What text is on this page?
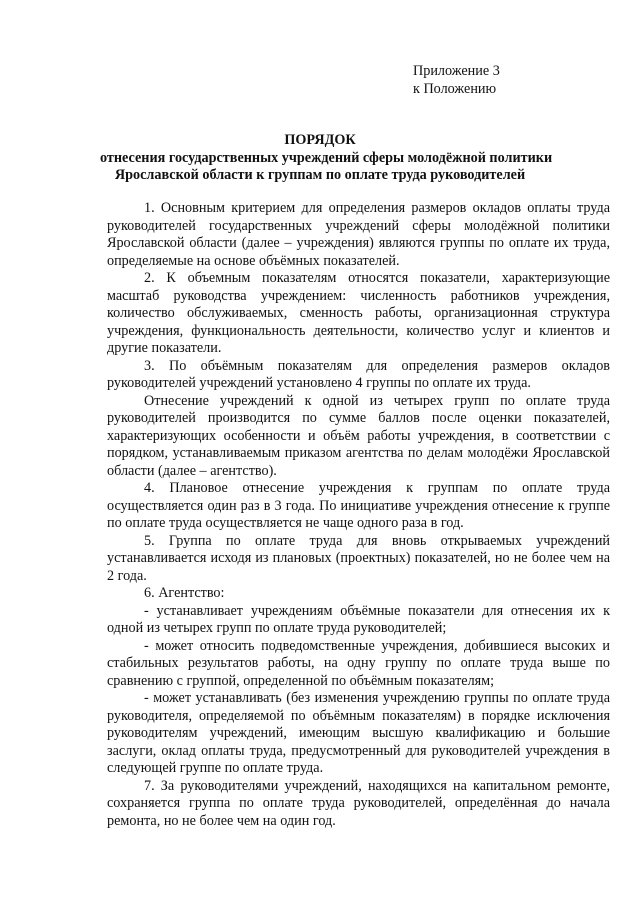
Приложение 3
к Положению
ПОРЯДОК
отнесения государственных учреждений сферы молодёжной политики
Ярославской области к группам по оплате труда руководителей

1. Основным критерием для определения размеров окладов оплаты труда руководителей государственных учреждений сферы молодёжной политики Ярославской области (далее – учреждения) являются группы по оплате их труда, определяемые на основе объёмных показателей.

2. К объемным показателям относятся показатели, характеризующие масштаб руководства учреждением: численность работников учреждения, количество обслуживаемых, сменность работы, организационная структура учреждения, функциональность деятельности, количество услуг и клиентов и другие показатели.

3. По объёмным показателям для определения размеров окладов руководителей учреждений установлено 4 группы по оплате их труда.

Отнесение учреждений к одной из четырех групп по оплате труда руководителей производится по сумме баллов после оценки показателей, характеризующих особенности и объём работы учреждения, в соответствии с порядком, устанавливаемым приказом агентства по делам молодёжи Ярославской области (далее – агентство).

4. Плановое отнесение учреждения к группам по оплате труда осуществляется один раз в 3 года. По инициативе учреждения отнесение к группе по оплате труда осуществляется не чаще одного раза в год.

5. Группа по оплате труда для вновь открываемых учреждений устанавливается исходя из плановых (проектных) показателей, но не более чем на 2 года.

6. Агентство:

- устанавливает учреждениям объёмные показатели для отнесения их к одной из четырех групп по оплате труда руководителей;

- может относить подведомственные учреждения, добившиеся высоких и стабильных результатов работы, на одну группу по оплате труда выше по сравнению с группой, определенной по объёмным показателям;

- может устанавливать (без изменения учреждению группы по оплате труда руководителя, определяемой по объёмным показателям) в порядке исключения руководителям учреждений, имеющим высшую квалификацию и большие заслуги, оклад оплаты труда, предусмотренный для руководителей учреждения в следующей группе по оплате труда.

7. За руководителями учреждений, находящихся на капитальном ремонте, сохраняется группа по оплате труда руководителей, определённая до начала ремонта, но не более чем на один год.
